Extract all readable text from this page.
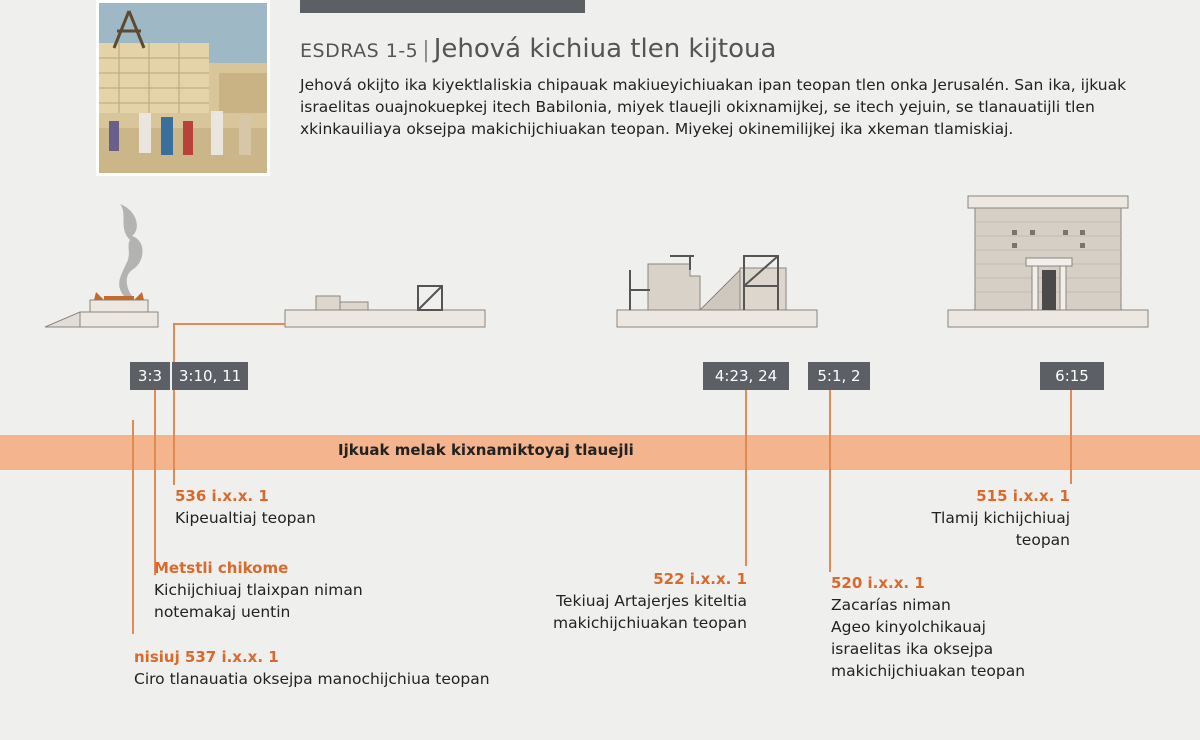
ESDRAS 1-5 | Jehová kichiua tlen kijtoua
Jehová okijto ika kiyektlaliskia chipauak makiueyichiuakan ipan teopan tlen onka Jerusalén. San ika, ijkuak israelitas ouajnokuepkej itech Babilonia, miyek tlauejli okixnamijkej, se itech yejuin, se tlanauatijli tlen xkinkauiliaya oksejpa makichijchiuakan teopan. Miyekej okinemilijkej ika xkeman tlamiskiaj.
Ijkuak melak kixnamiktoyaj tlauejli
3:3	3:10, 11	4:23, 24	5:1, 2	6:15
536 i.x.x. 1
Kipeualtiaj teopan
Metstli chikome
Kichijchiuaj tlaixpan niman
notemakaj uentin
nisiuj 537 i.x.x. 1
Ciro tlanauatia oksejpa manochijchiua teopan
522 i.x.x. 1
Tekiuaj Artajerjes kiteltia
makichijchiuakan teopan
520 i.x.x. 1
Zacarías niman
Ageo kinyolchikauaj
israelitas ika oksejpa
makichijchiuakan teopan
515 i.x.x. 1
Tlamij kichijchiuaj
teopan
